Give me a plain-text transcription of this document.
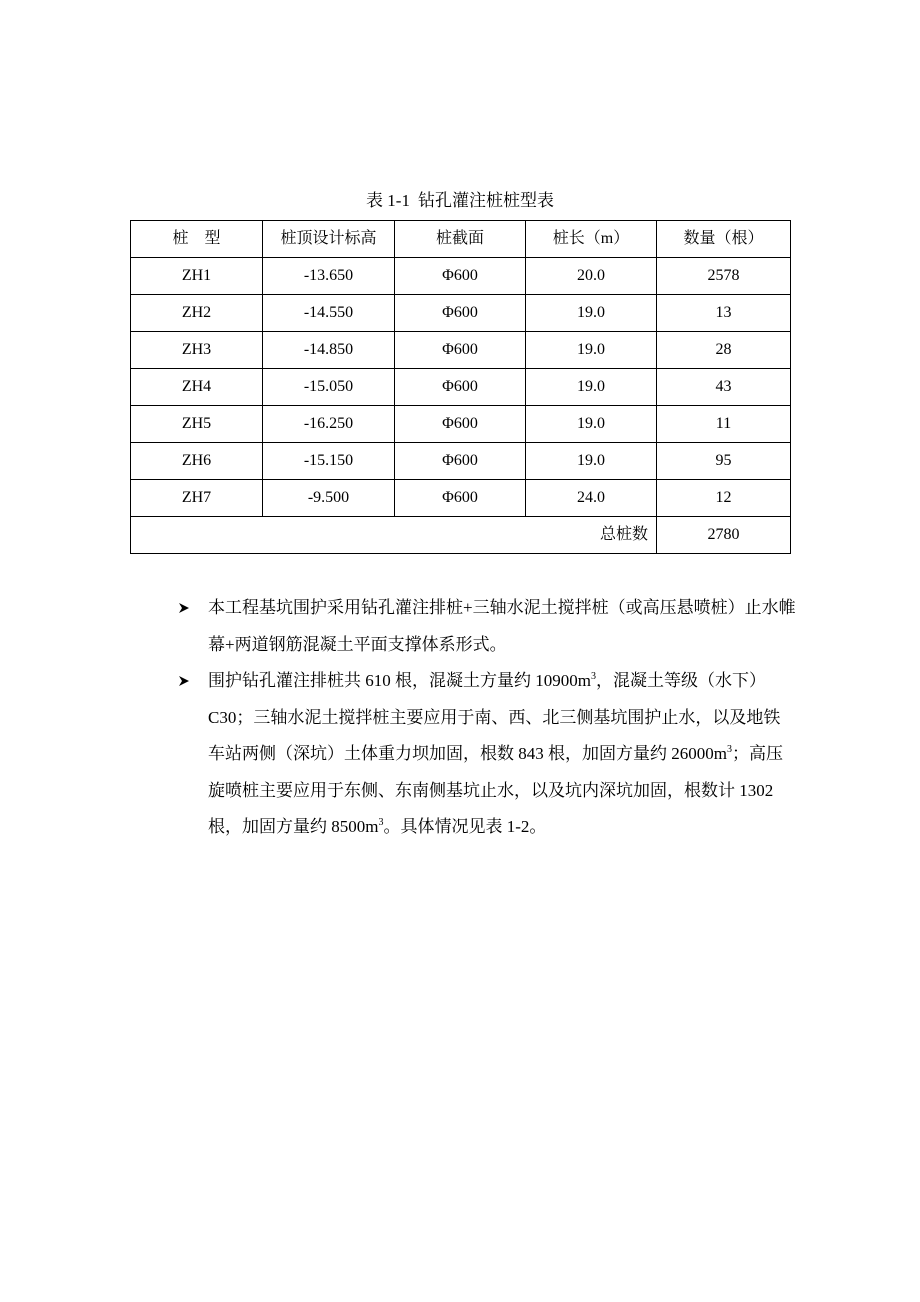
表 1-1 钻孔灌注桩桩型表
桩　型	桩顶设计标高	桩截面	桩长（m）	数量（根）
ZH1	-13.650	Φ600	20.0	2578
ZH2	-14.550	Φ600	19.0	13
ZH3	-14.850	Φ600	19.0	28
ZH4	-15.050	Φ600	19.0	43
ZH5	-16.250	Φ600	19.0	11
ZH6	-15.150	Φ600	19.0	95
ZH7	-9.500	Φ600	24.0	12
总桩数				2780

本工程基坑围护采用钻孔灌注排桩+三轴水泥土搅拌桩（或高压悬喷桩）止水帷幕+两道钢筋混凝土平面支撑体系形式。

围护钻孔灌注排桩共 610 根，混凝土方量约 $10900m^3$，混凝土等级（水下）C30；三轴水泥土搅拌桩主要应用于南、西、北三侧基坑围护止水，以及地铁车站两侧（深坑）土体重力坝加固，根数 843 根，加固方量约 $26000m^3$；高压旋喷桩主要应用于东侧、东南侧基坑止水，以及坑内深坑加固，根数计 1302 根，加固方量约 $8500m^3$。具体情况见表 1-2。
